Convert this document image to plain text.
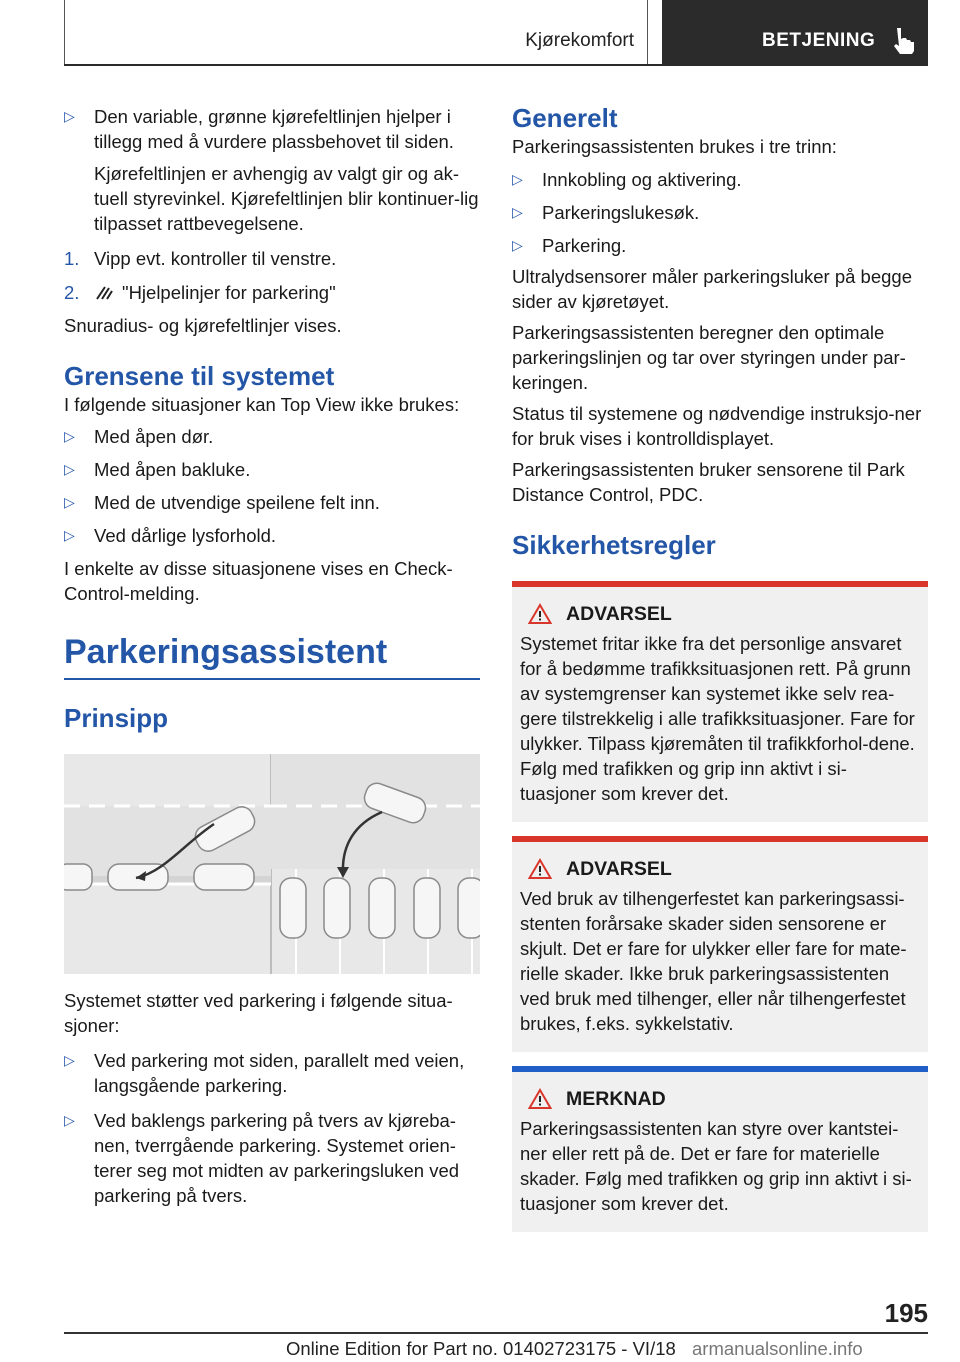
Kjørekomfort	BETJENING
▷ Den variable, grønne kjørefeltlinjen hjelper i tillegg med å vurdere plassbehovet til siden.
Kjørefeltlinjen er avhengig av valgt gir og ak-tuell styrevinkel. Kjørefeltlinjen blir kontinuer-lig tilpasset rattbevegelsene.
1. Vipp evt. kontroller til venstre.
2. "Hjelpelinjer for parkering"

Snuradius- og kjørefeltlinjer vises.

Grensene til systemet

I følgende situasjoner kan Top View ikke brukes:

▷ Med åpen dør.
▷ Med åpen bakluke.
▷ Med de utvendige speilene felt inn.
▷ Ved dårlige lysforhold.

I enkelte av disse situasjonene vises en Check-Control-melding.

Parkeringsassistent
Prinsipp

Systemet støtter ved parkering i følgende situa-sjoner:

▷ Ved parkering mot siden, parallelt med veien, langsgående parkering.
▷ Ved baklengs parkering på tvers av kjøreba-nen, tverrgående parkering. Systemet orien-terer seg mot midten av parkeringsluken ved parkering på tvers.
Generelt

Parkeringsassistenten brukes i tre trinn:

▷ Innkobling og aktivering.
▷ Parkeringslukesøk.
▷ Parkering.

Ultralydsensorer måler parkeringsluker på begge sider av kjøretøyet.

Parkeringsassistenten beregner den optimale parkeringslinjen og tar over styringen under par-keringen.

Status til systemene og nødvendige instruksjo-ner for bruk vises i kontrolldisplayet.

Parkeringsassistenten bruker sensorene til Park Distance Control, PDC.

Sikkerhetsregler
ADVARSEL

Systemet fritar ikke fra det personlige ansvaret for å bedømme trafikksituasjonen rett. På grunn av systemgrenser kan systemet ikke selv rea-gere tilstrekkelig i alle trafikksituasjoner. Fare for ulykker. Tilpass kjøremåten til trafikkforhol-dene. Følg med trafikken og grip inn aktivt i si-tuasjoner som krever det.

ADVARSEL

Ved bruk av tilhengerfestet kan parkeringsassi-stenten forårsake skader siden sensorene er skjult. Det er fare for ulykker eller fare for mate-rielle skader. Ikke bruk parkeringsassistenten ved bruk med tilhenger, eller når tilhengerfestet brukes, f.eks. sykkelstativ.

MERKNAD

Parkeringsassistenten kan styre over kantstei-ner eller rett på de. Det er fare for materielle skader. Følg med trafikken og grip inn aktivt i si-tuasjoner som krever det.

195
Online Edition for Part no. 01402723175 - VI/18 armanualsonline.info
